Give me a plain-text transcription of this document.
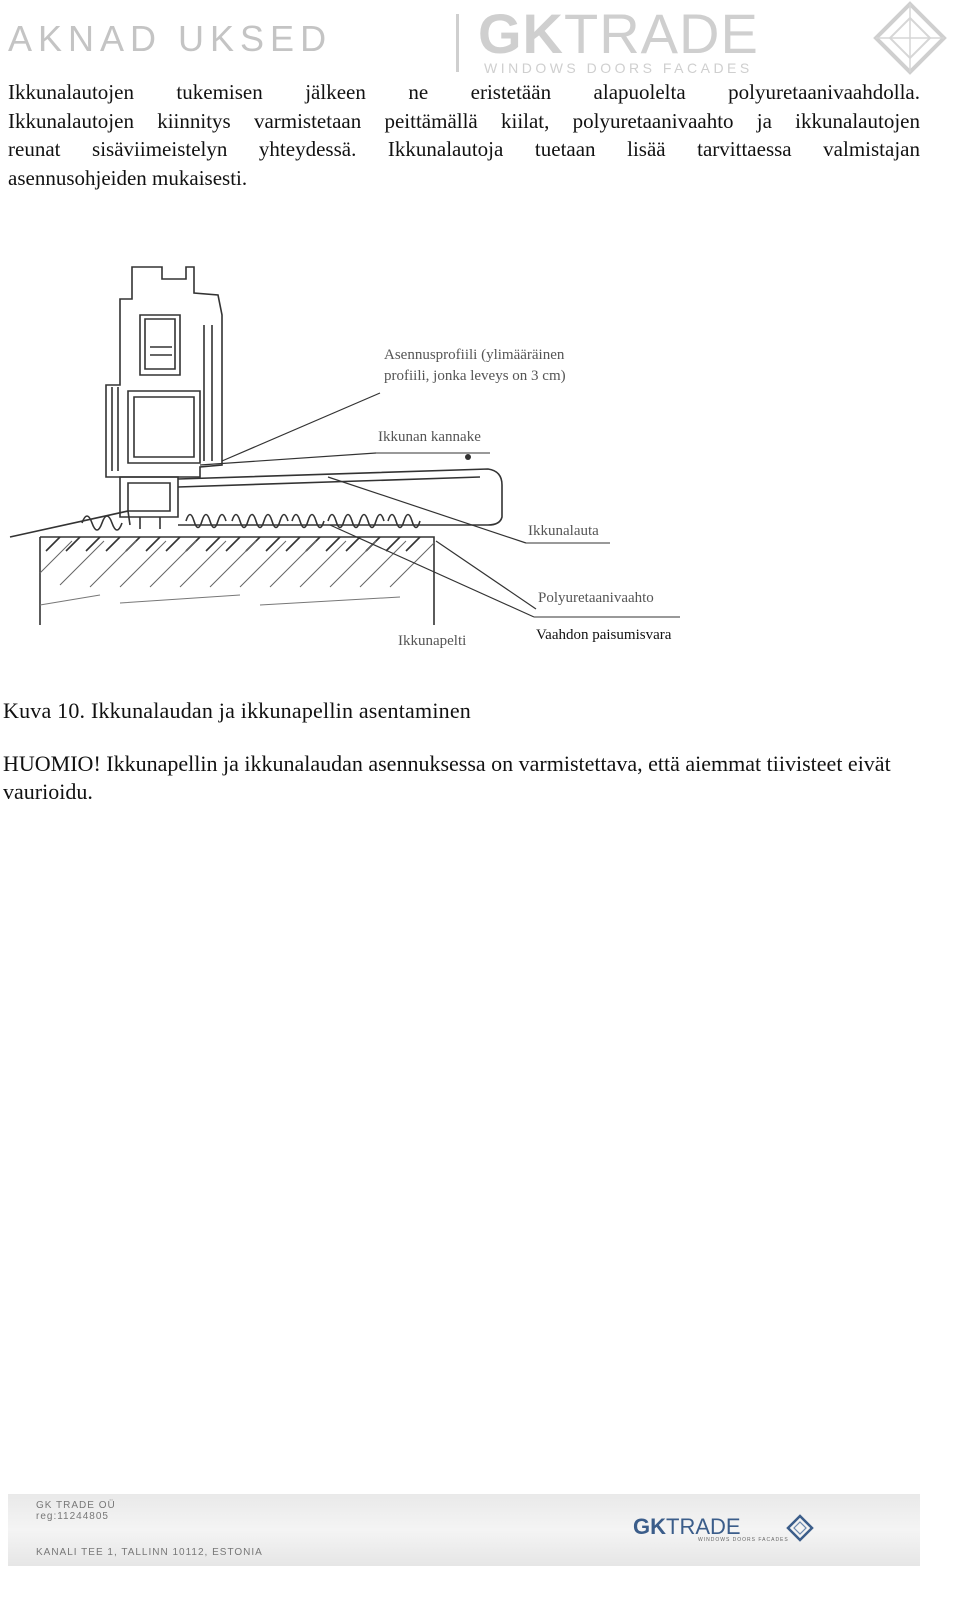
AKNAD UKSED	GKTRADE

WINDOWS DOORS FACADES

Ikkunalautojen tukemisen jälkeen ne eristetään alapuolelta polyuretaanivaahdolla.
Ikkunalautojen kiinnitys varmistetaan peittämällä kiilat, polyuretaanivaahto ja ikkunalautojen
reunat sisäviimeistelyn yhteydessä. Ikkunalautoja tuetaan lisää tarvittaessa valmistajan
asennusohjeiden mukaisesti.

Asennusprofiili (ylimääräinen

profiili, jonka leveys on 3 cm)

Ikkunan kannake

Ikkunalauta

Polyuretaanivaahto

Ikkunapelti	Vaahdon paisumisvara

Kuva 10. Ikkunalaudan ja ikkunapellin asentaminen

HUOMIO! Ikkunapellin ja ikkunalaudan asennuksessa on varmistettava, että aiemmat tiivisteet eivät vaurioidu.

GK TRADE OÜ

reg:11244805

KANALI TEE 1, TALLINN 10112, ESTONIA

GKTRADE

WINDOWS DOORS FACADES
